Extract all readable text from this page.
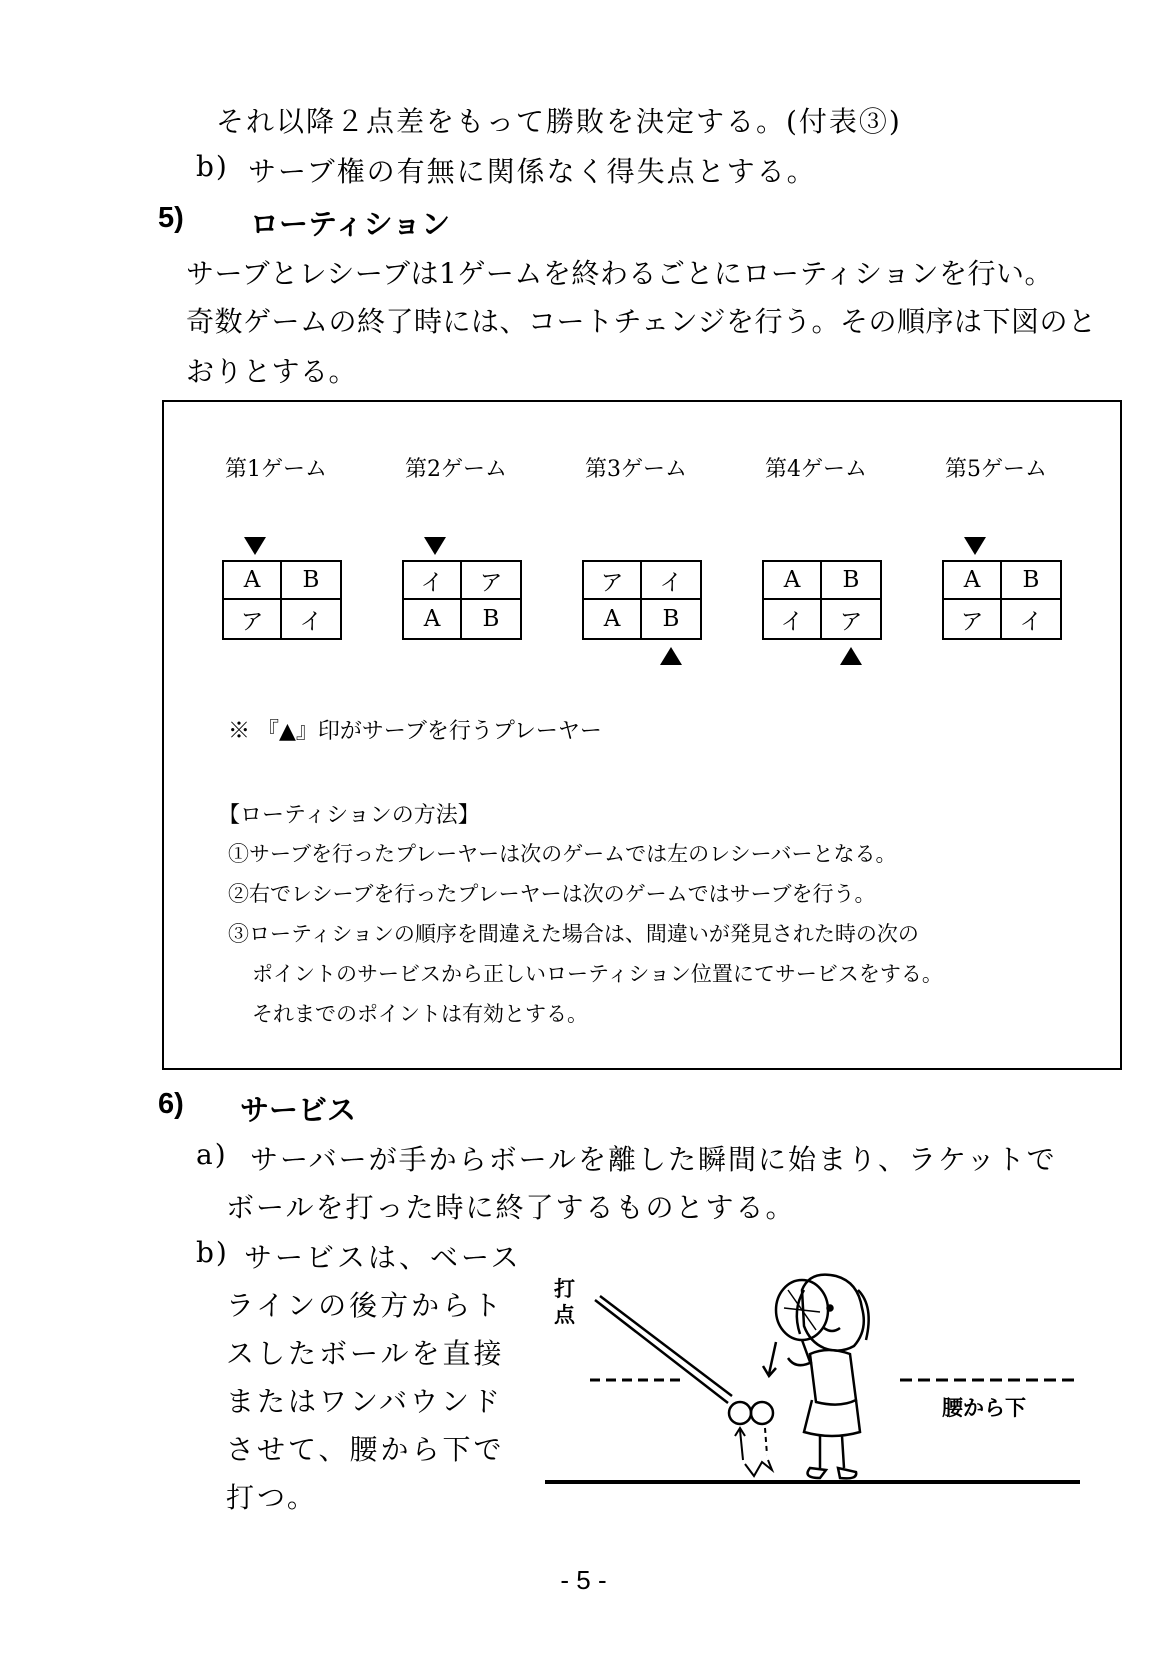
それ以降２点差をもって勝敗を決定する。(付表③)
b) サーブ権の有無に関係なく得失点とする。
5) ローティション
サーブとレシーブは1ゲームを終わるごとにローティションを行い。
奇数ゲームの終了時には、コートチェンジを行う。その順序は下図のと
おりとする。
第1ゲーム
A	B
ア	イ
第2ゲーム
イ	ア
A	B
第3ゲーム
ア	イ
A	B
第4ゲーム
A	B
イ	ア
第5ゲーム
A	B
ア	イ
※ 『▲』印がサーブを行うプレーヤー
【ローティションの方法】
①サーブを行ったプレーヤーは次のゲームでは左のレシーバーとなる。
②右でレシーブを行ったプレーヤーは次のゲームではサーブを行う。
③ローティションの順序を間違えた場合は、間違いが発見された時の次の
ポイントのサービスから正しいローティション位置にてサービスをする。
それまでのポイントは有効とする。
6) サービス
a) サーバーが手からボールを離した瞬間に始まり、ラケットで
ボールを打った時に終了するものとする。
b) サービスは、ベース
ラインの後方からト
スしたボールを直接
またはワンバウンド
させて、腰から下で
打つ。
打
点
腰から下
- 5 -
